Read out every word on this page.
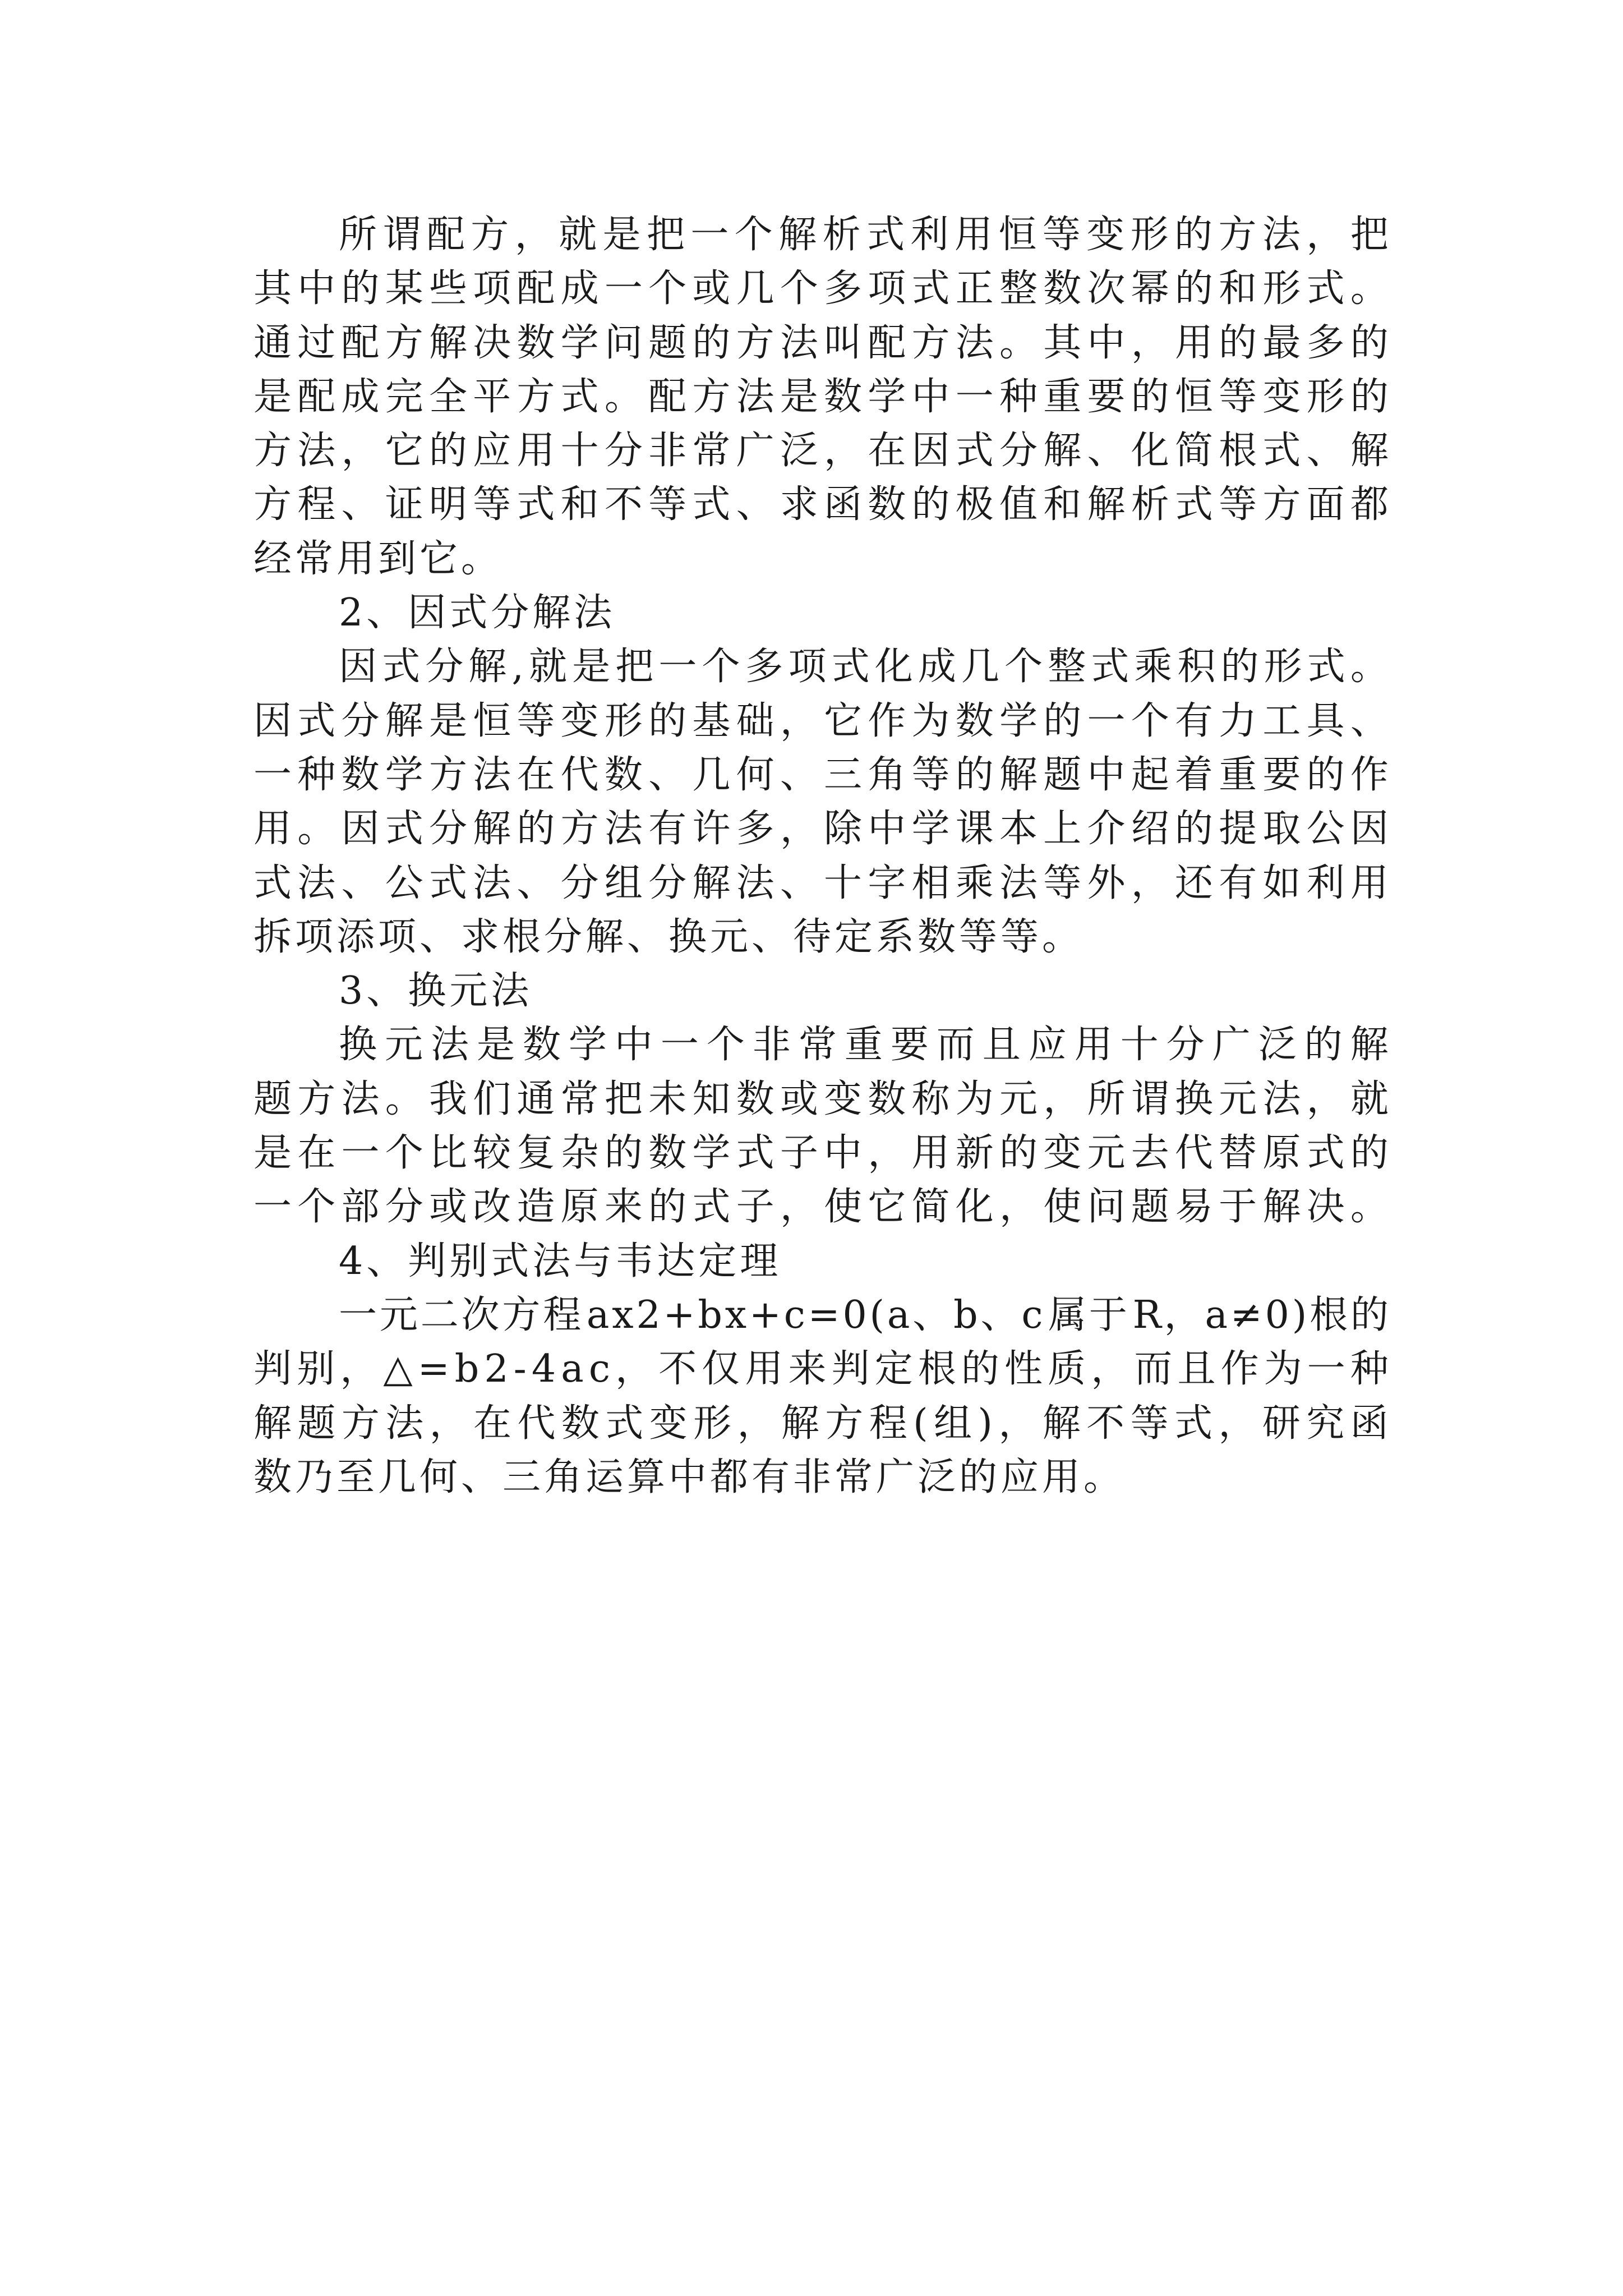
所 谓 配 方 ， 就 是 把 一 个 解 析 式 利 用 恒 等 变 形 的 方 法 ， 把
其 中 的 某 些 项 配 成 一 个 或 几 个 多 项 式 正 整 数 次 幂 的 和 形 式 。
通 过 配 方 解 决 数 学 问 题 的 方 法 叫 配 方 法 。 其 中 ， 用 的 最 多 的
是 配 成 完 全 平 方 式 。 配 方 法 是 数 学 中 一 种 重 要 的 恒 等 变 形 的
方 法 ， 它 的 应 用 十 分 非 常 广 泛 ， 在 因 式 分 解 、 化 简 根 式 、 解
方 程 、 证 明 等 式 和 不 等 式 、 求 函 数 的 极 值 和 解 析 式 等 方 面 都
经常用到它。
2、因式分解法
因 式 分 解 , 就 是 把 一 个 多 项 式 化 成 几 个 整 式 乘 积 的 形 式 。
因 式 分 解 是 恒 等 变 形 的 基 础 ， 它 作 为 数 学 的 一 个 有 力 工 具 、
一 种 数 学 方 法 在 代 数 、 几 何 、 三 角 等 的 解 题 中 起 着 重 要 的 作
用 。 因 式 分 解 的 方 法 有 许 多 ， 除 中 学 课 本 上 介 绍 的 提 取 公 因
式 法 、 公 式 法 、 分 组 分 解 法 、 十 字 相 乘 法 等 外 ， 还 有 如 利 用
拆项添项、求根分解、换元、待定系数等等。
3、换元法
换 元 法 是 数 学 中 一 个 非 常 重 要 而 且 应 用 十 分 广 泛 的 解
题 方 法 。 我 们 通 常 把 未 知 数 或 变 数 称 为 元 ， 所 谓 换 元 法 ， 就
是 在 一 个 比 较 复 杂 的 数 学 式 子 中 ， 用 新 的 变 元 去 代 替 原 式 的
一 个 部 分 或 改 造 原 来 的 式 子 ， 使 它 简 化 ， 使 问 题 易 于 解 决 。
4、判别式法与韦达定理
一 元 二 次 方 程 a x 2 + b x + c = 0 ( a 、 b 、 c 属 于 R ， a ≠ 0 ) 根 的
判 别 ， △ = b 2 - 4 a c ， 不 仅 用 来 判 定 根 的 性 质 ， 而 且 作 为 一 种
解 题 方 法 ， 在 代 数 式 变 形 ， 解 方 程 ( 组 ) ， 解 不 等 式 ， 研 究 函
数乃至几何、三角运算中都有非常广泛的应用。
